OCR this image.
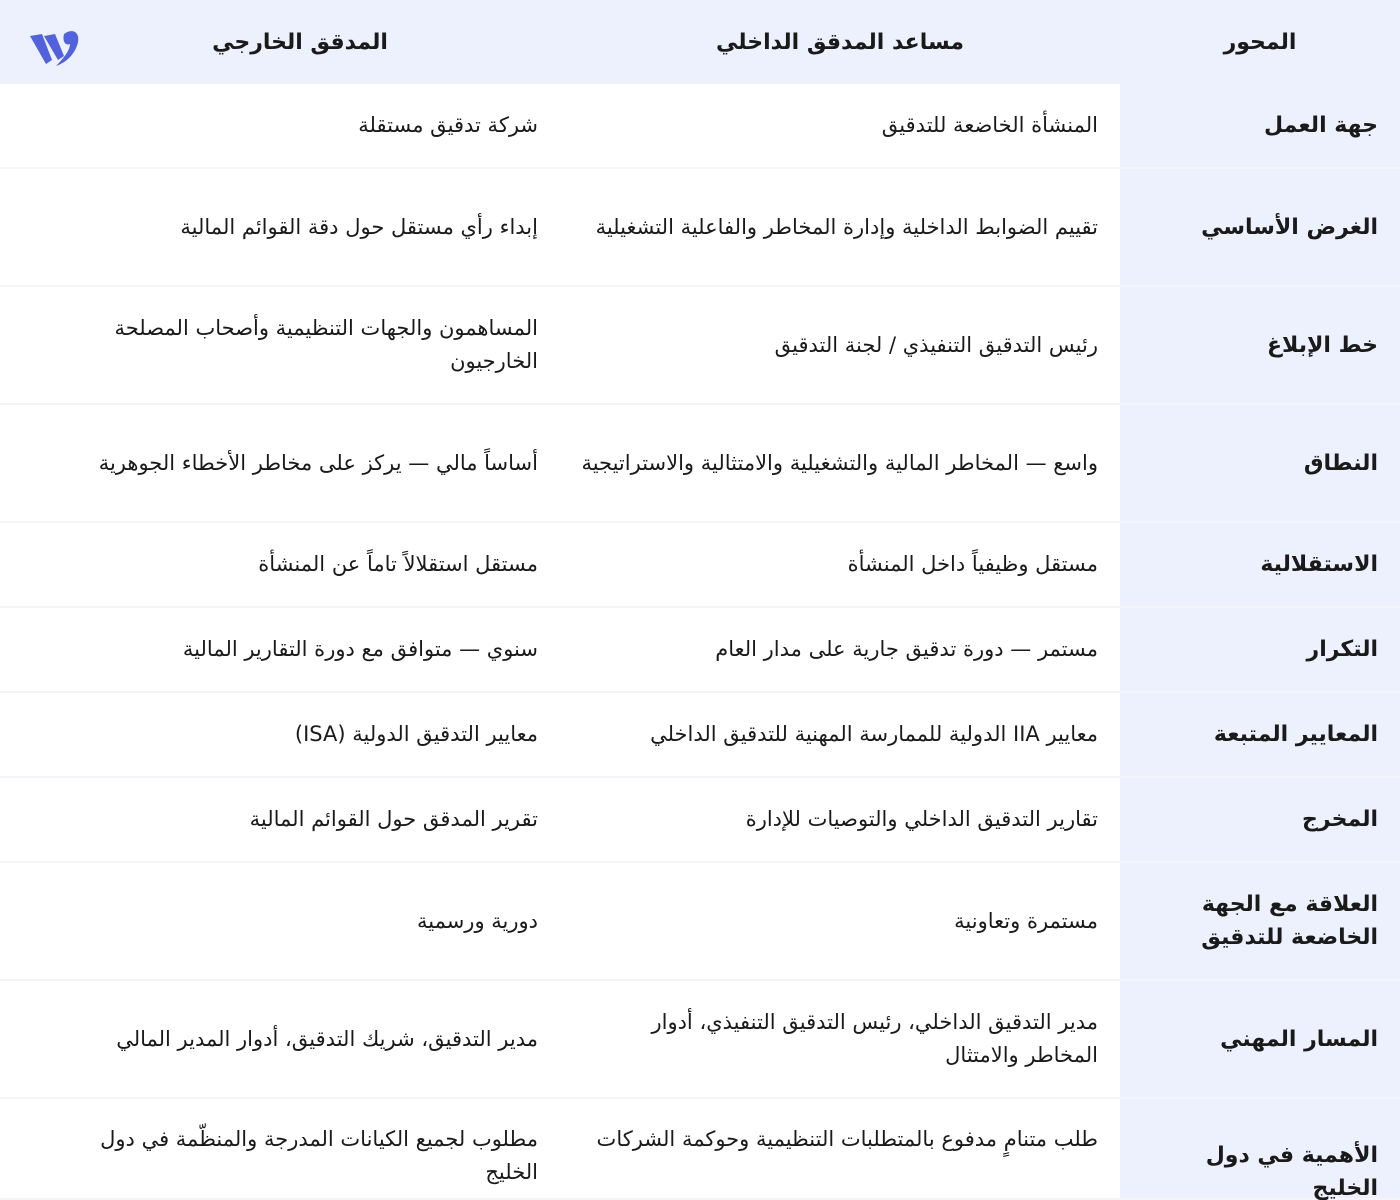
المحور
مساعد المدقق الداخلي
المدقق الخارجي
جهة العمل
المنشأة الخاضعة للتدقيق
شركة تدقيق مستقلة
الغرض الأساسي
تقييم الضوابط الداخلية وإدارة المخاطر والفاعلية التشغيلية
إبداء رأي مستقل حول دقة القوائم المالية
خط الإبلاغ
رئيس التدقيق التنفيذي / لجنة التدقيق
المساهمون والجهات التنظيمية وأصحاب المصلحة الخارجيون
النطاق
واسع — المخاطر المالية والتشغيلية والامتثالية والاستراتيجية
أساساً مالي — يركز على مخاطر الأخطاء الجوهرية
الاستقلالية
مستقل وظيفياً داخل المنشأة
مستقل استقلالاً تاماً عن المنشأة
التكرار
مستمر — دورة تدقيق جارية على مدار العام
سنوي — متوافق مع دورة التقارير المالية
المعايير المتبعة
معايير IIA الدولية للممارسة المهنية للتدقيق الداخلي
معايير التدقيق الدولية (ISA)
المخرج
تقارير التدقيق الداخلي والتوصيات للإدارة
تقرير المدقق حول القوائم المالية
العلاقة مع الجهة الخاضعة للتدقيق
مستمرة وتعاونية
دورية ورسمية
المسار المهني
مدير التدقيق الداخلي، رئيس التدقيق التنفيذي، أدوار المخاطر والامتثال
مدير التدقيق، شريك التدقيق، أدوار المدير المالي
الأهمية في دول الخليج
طلب متنامٍ مدفوع بالمتطلبات التنظيمية وحوكمة الشركات
مطلوب لجميع الكيانات المدرجة والمنظّمة في دول الخليج
